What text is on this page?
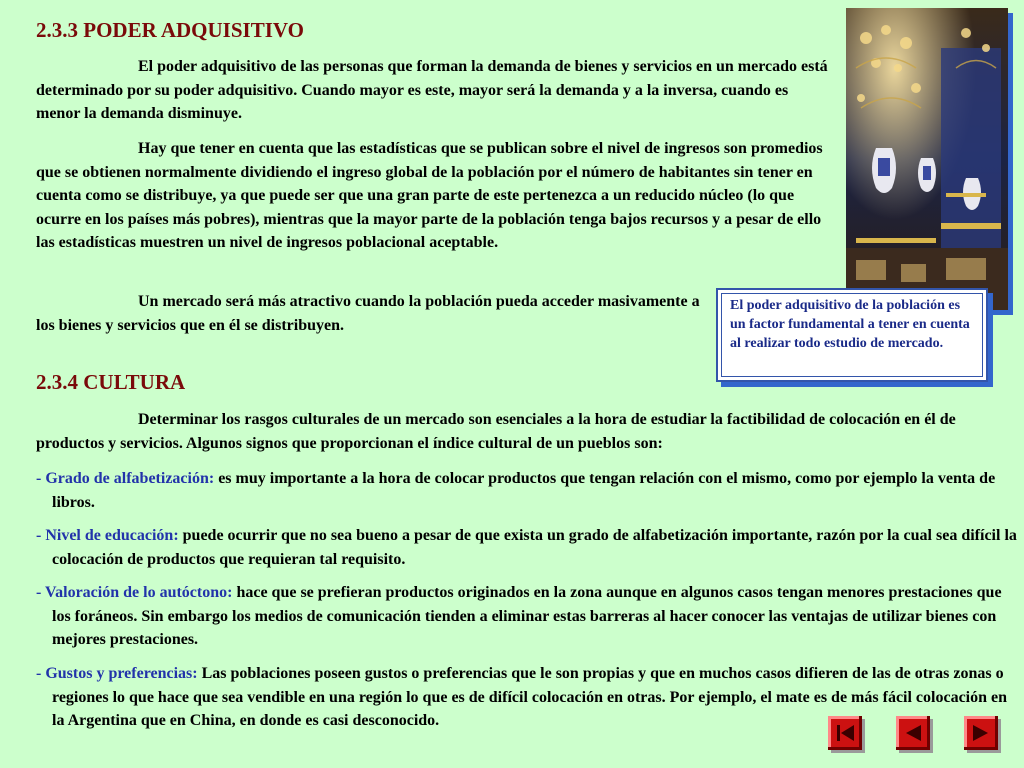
2.3.3 PODER ADQUISITIVO

El poder adquisitivo de las personas que forman la demanda de bienes y servicios en un mercado está determinado por su poder adquisitivo. Cuando mayor es este, mayor será la demanda y a la inversa, cuando es menor la demanda disminuye.

Hay que tener en cuenta que las estadísticas que se publican sobre el nivel de ingresos son promedios que se obtienen normalmente dividiendo el ingreso global de la población por el número de habitantes sin tener en cuenta como se distribuye, ya que puede ser que una gran parte de este pertenezca a un reducido núcleo (lo que ocurre en los países más pobres), mientras que la mayor parte de la población tenga bajos recursos y a pesar de ello las estadísticas muestren un nivel de ingresos poblacional aceptable.

Un mercado será más atractivo cuando la población pueda acceder masivamente a los bienes y servicios que en él se distribuyen.

El poder adquisitivo de la población es un factor fundamental a tener en cuenta al realizar todo estudio de mercado.
2.3.4 CULTURA

Determinar los rasgos culturales de un mercado son esenciales a la hora de estudiar la factibilidad de colocación en él de productos y servicios. Algunos signos que proporcionan el índice cultural de un pueblos son:

- Grado de alfabetización: es muy importante a la hora de colocar productos que tengan relación con el mismo, como por ejemplo la venta de libros.

- Nivel de educación: puede ocurrir que no sea bueno a pesar de que exista un grado de alfabetización importante, razón por la cual sea difícil la colocación de productos que requieran tal requisito.

- Valoración de lo autóctono: hace que se prefieran productos originados en la zona aunque en algunos casos tengan menores prestaciones que los foráneos. Sin embargo los medios de comunicación tienden a eliminar estas barreras al hacer conocer las ventajas de utilizar bienes con mejores prestaciones.

- Gustos y preferencias: Las poblaciones poseen gustos o preferencias que le son propias y que en muchos casos difieren de las de otras zonas o regiones lo que hace que sea vendible en una región lo que es de difícil colocación en otras. Por ejemplo, el mate es de más fácil colocación en la Argentina que en China, en donde es casi desconocido.
